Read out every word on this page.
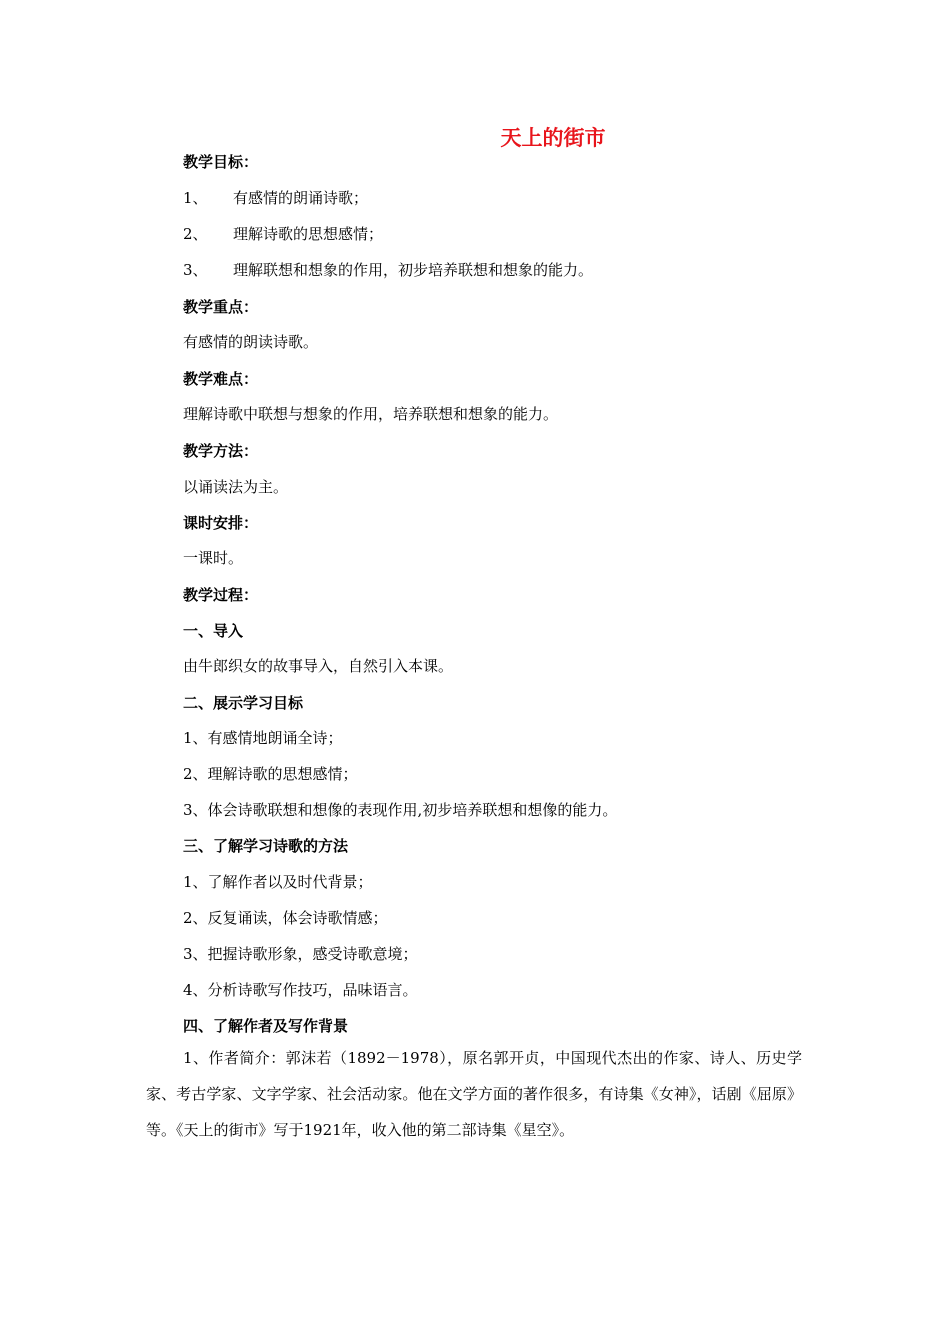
天上的街市

教学目标：

1、 有感情的朗诵诗歌；

2、 理解诗歌的思想感情；

3、 理解联想和想象的作用，初步培养联想和想象的能力。

教学重点：

有感情的朗读诗歌。

教学难点：

理解诗歌中联想与想象的作用，培养联想和想象的能力。

教学方法：

以诵读法为主。

课时安排：

一课时。

教学过程：

一、导入

由牛郎织女的故事导入，自然引入本课。

二、展示学习目标

1、有感情地朗诵全诗；

2、理解诗歌的思想感情；

3、体会诗歌联想和想像的表现作用,初步培养联想和想像的能力。

三、了解学习诗歌的方法

1、了解作者以及时代背景；

2、反复诵读，体会诗歌情感；

3、把握诗歌形象，感受诗歌意境；

4、分析诗歌写作技巧，品味语言。

四、了解作者及写作背景

1、作者简介：郭沫若（1892－1978），原名郭开贞，中国现代杰出的作家、诗人、历史学家、考古学家、文字学家、社会活动家。他在文学方面的著作很多，有诗集《女神》，话剧《屈原》等。《天上的街市》写于1921年，收入他的第二部诗集《星空》。
